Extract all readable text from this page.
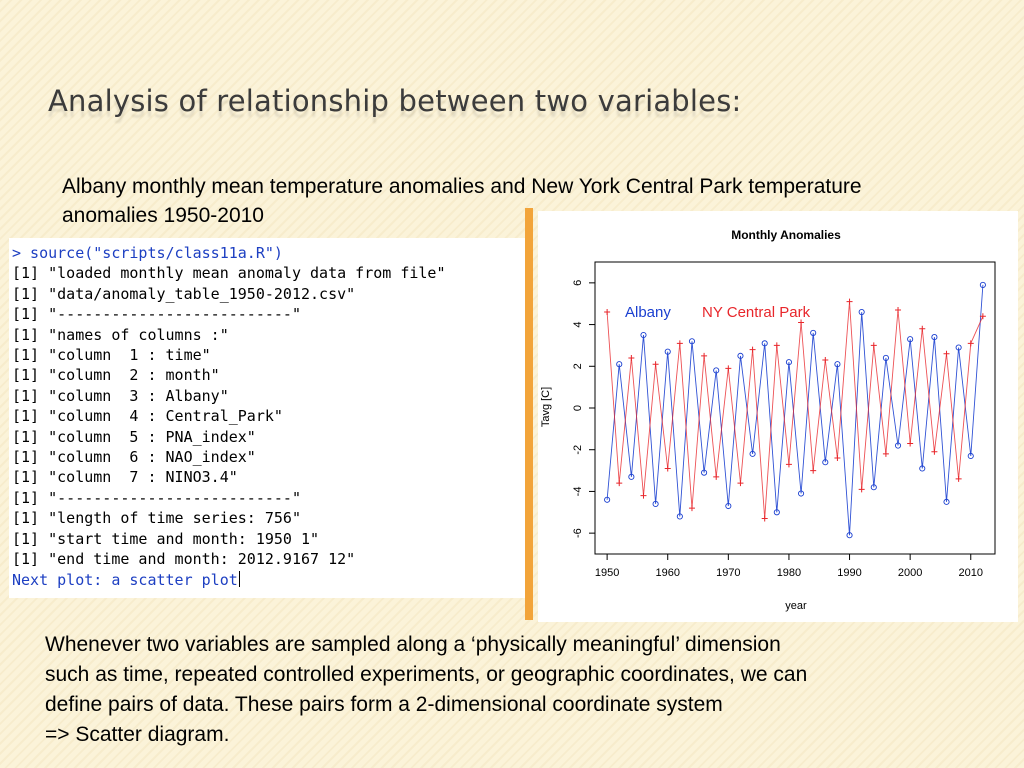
Analysis of relationship between two variables:

Albany monthly mean temperature anomalies and New York Central Park temperature anomalies 1950-2010

> source("scripts/class11a.R")
[1] "loaded monthly mean anomaly data from file"
[1] "data/anomaly_table_1950-2012.csv"
[1] "--------------------------"
[1] "names of columns :"
[1] "column  1 : time"
[1] "column  2 : month"
[1] "column  3 : Albany"
[1] "column  4 : Central_Park"
[1] "column  5 : PNA_index"
[1] "column  6 : NAO_index"
[1] "column  7 : NINO3.4"
[1] "--------------------------"
[1] "length of time series: 756"
[1] "start time and month: 1950 1"
[1] "end time and month: 2012.9167 12"
Next plot: a scatter plot
Monthly Anomalies
year
Tavg [C]
1950	1960	1970	1980	1990	2000	2010
-6
-4
-2
0
2
4
6
Albany NY Central Park
Whenever two variables are sampled along a ‘physically meaningful’ dimension
such as time, repeated controlled experiments, or geographic coordinates, we can
define pairs of data. These pairs form a 2-dimensional coordinate system
=> Scatter diagram.
